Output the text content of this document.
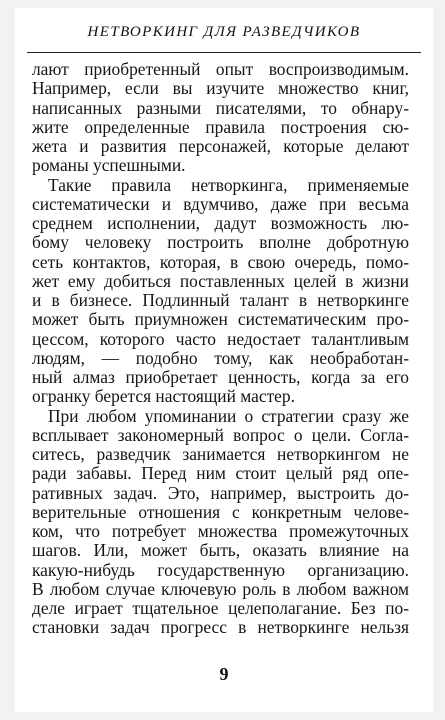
НЕТВОРКИНГ ДЛЯ РАЗВЕДЧИКОВ
лают приобретенный опыт воспроизводимым.
Например, если вы изучите множество книг,
написанных разными писателями, то обнару-
жите определенные правила построения сю-
жета и развития персонажей, которые делают
романы успешными.
Такие правила нетворкинга, применяемые
систематически и вдумчиво, даже при весьма
среднем исполнении, дадут возможность лю-
бому человеку построить вполне добротную
сеть контактов, которая, в свою очередь, помо-
жет ему добиться поставленных целей в жизни
и в бизнесе. Подлинный талант в нетворкинге
может быть приумножен систематическим про-
цессом, которого часто недостает талантливым
людям, — подобно тому, как необработан-
ный алмаз приобретает ценность, когда за его
огранку берется настоящий мастер.
При любом упоминании о стратегии сразу же
всплывает закономерный вопрос о цели. Согла-
ситесь, разведчик занимается нетворкингом не
ради забавы. Перед ним стоит целый ряд опе-
ративных задач. Это, например, выстроить до-
верительные отношения с конкретным челове-
ком, что потребует множества промежуточных
шагов. Или, может быть, оказать влияние на
какую-нибудь государственную организацию.
В любом случае ключевую роль в любом важном
деле играет тщательное целеполагание. Без по-
становки задач прогресс в нетворкинге нельзя
9
